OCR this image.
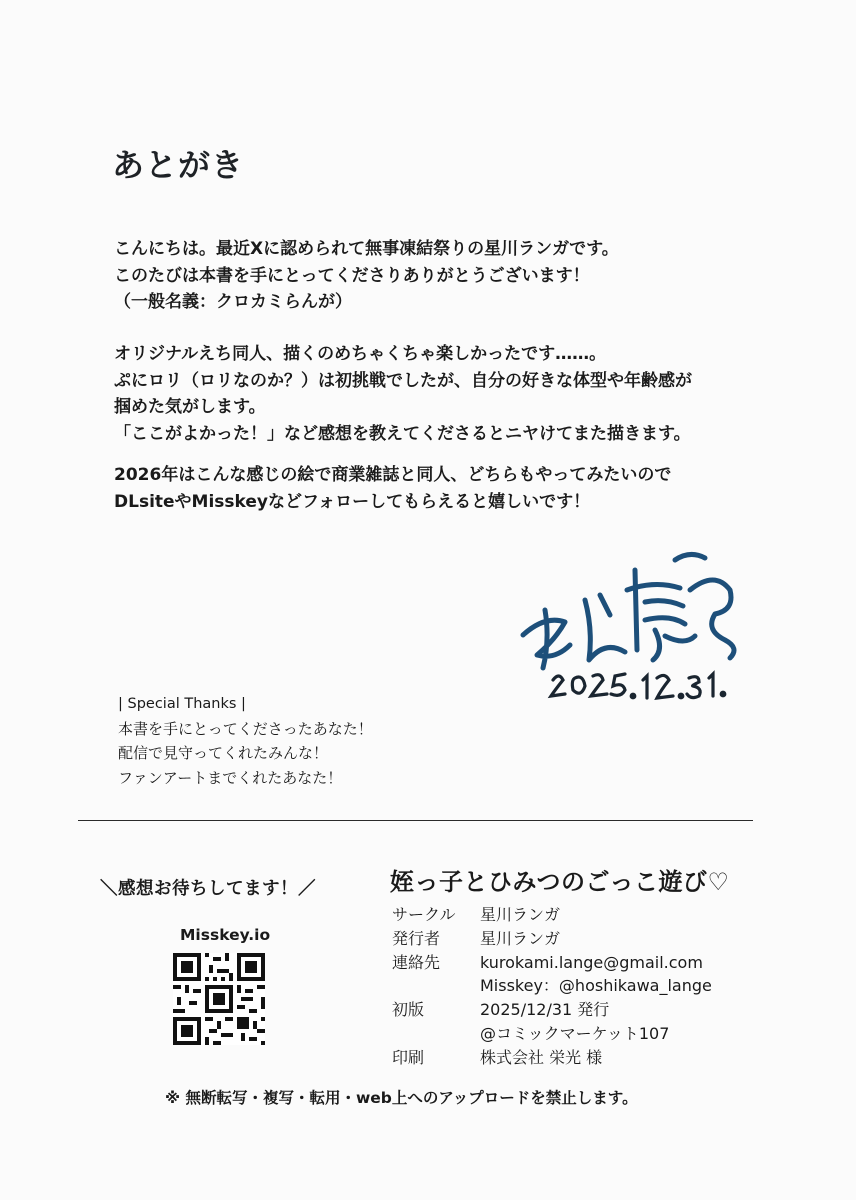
あとがき
こんにちは。最近Xに認められて無事凍結祭りの星川ランガです。
このたびは本書を手にとってくださりありがとうございます！
（一般名義：クロカミらんが）
オリジナルえち同人、描くのめちゃくちゃ楽しかったです……。
ぷにロリ（ロリなのか？）は初挑戦でしたが、自分の好きな体型や年齢感が
掴めた気がします。
「ここがよかった！」など感想を教えてくださるとニヤけてまた描きます。
2026年はこんな感じの絵で商業雑誌と同人、どちらもやってみたいので
DLsiteやMisskeyなどフォローしてもらえると嬉しいです！
| Special Thanks |
本書を手にとってくださったあなた！
配信で見守ってくれたみんな！
ファンアートまでくれたあなた！
＼感想お待ちしてます！／
Misskey.io
姪っ子とひみつのごっこ遊び♡
サークル	星川ランガ
発行者	星川ランガ
連絡先	kurokami.lange@gmail.com
Misskey：@hoshikawa_lange
初版	2025/12/31 発行
@コミックマーケット107
印刷	株式会社 栄光 様
※ 無断転写・複写・転用・web上へのアップロードを禁止します。
